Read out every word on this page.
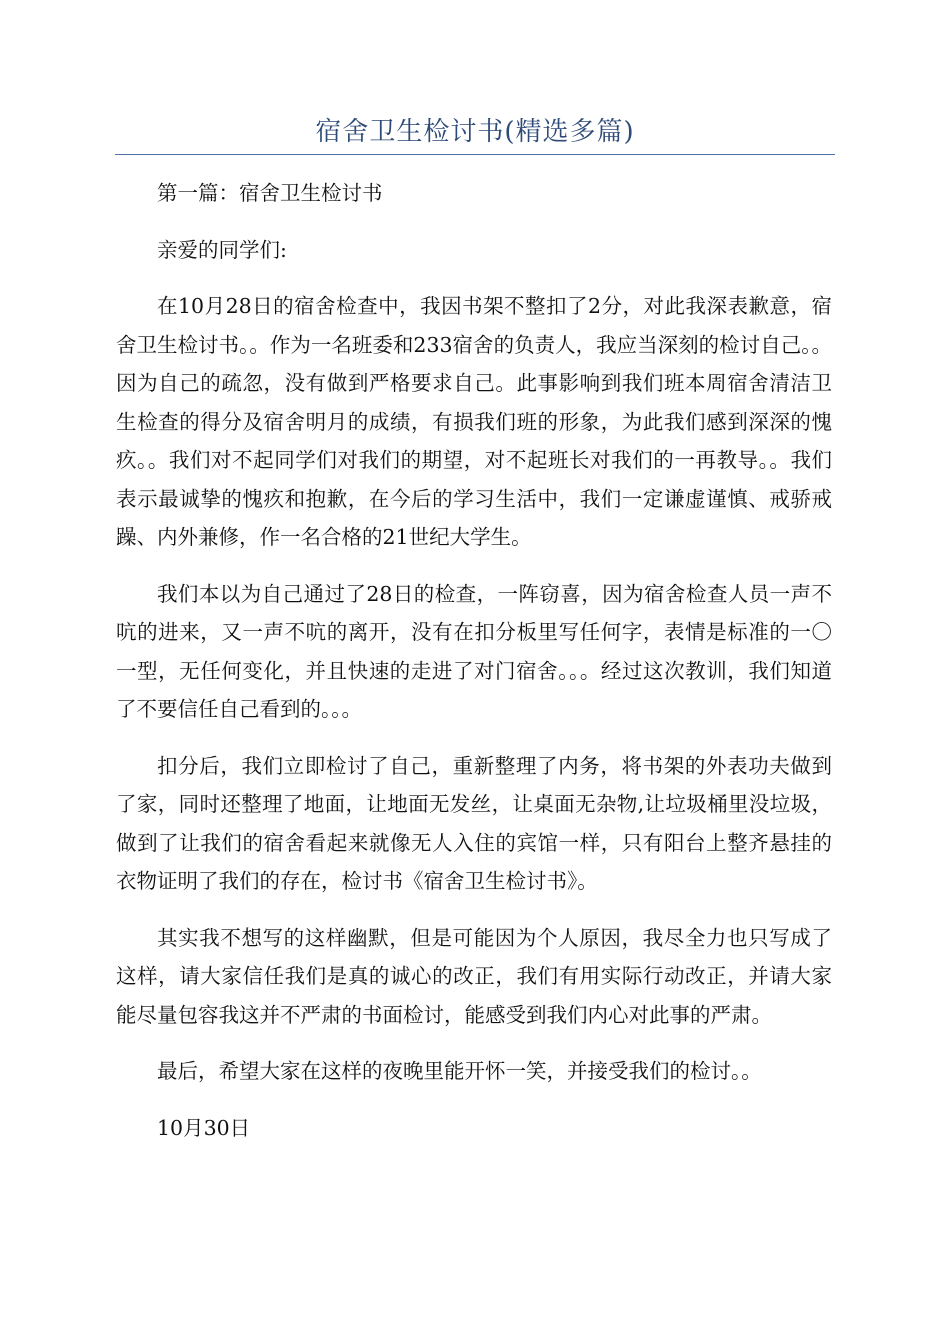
宿舍卫生检讨书(精选多篇)

第一篇：宿舍卫生检讨书

亲爱的同学们:

在10月28日的宿舍检查中，我因书架不整扣了2分，对此我深表歉意，宿舍卫生检讨书。。作为一名班委和233宿舍的负责人，我应当深刻的检讨自己。。因为自己的疏忽，没有做到严格要求自己。此事影响到我们班本周宿舍清洁卫生检查的得分及宿舍明月的成绩，有损我们班的形象，为此我们感到深深的愧疚。。我们对不起同学们对我们的期望，对不起班长对我们的一再教导。。我们表示最诚挚的愧疚和抱歉，在今后的学习生活中，我们一定谦虚谨慎、戒骄戒躁、内外兼修，作一名合格的21世纪大学生。

我们本以为自己通过了28日的检查，一阵窃喜，因为宿舍检查人员一声不吭的进来，又一声不吭的离开，没有在扣分板里写任何字，表情是标准的一〇一型，无任何变化，并且快速的走进了对门宿舍。。。经过这次教训，我们知道了不要信任自己看到的。。。

扣分后，我们立即检讨了自己，重新整理了内务，将书架的外表功夫做到了家，同时还整理了地面，让地面无发丝，让桌面无杂物,让垃圾桶里没垃圾，做到了让我们的宿舍看起来就像无人入住的宾馆一样，只有阳台上整齐悬挂的衣物证明了我们的存在，检讨书《宿舍卫生检讨书》。

其实我不想写的这样幽默，但是可能因为个人原因，我尽全力也只写成了这样，请大家信任我们是真的诚心的改正，我们有用实际行动改正，并请大家能尽量包容我这并不严肃的书面检讨，能感受到我们内心对此事的严肃。

最后，希望大家在这样的夜晚里能开怀一笑，并接受我们的检讨。。

10月30日
